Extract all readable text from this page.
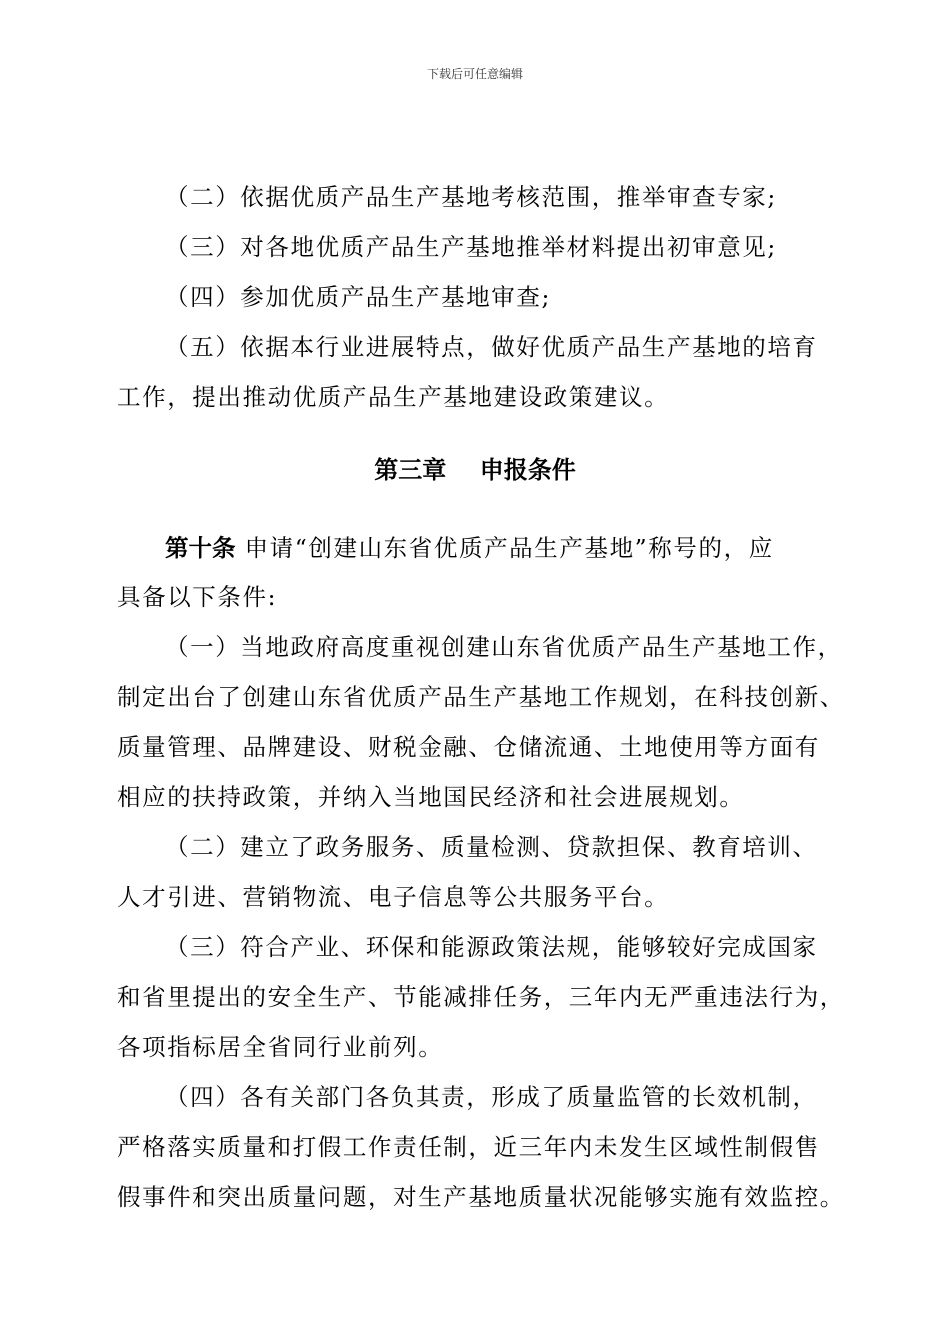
下载后可任意编辑
（二）依据优质产品生产基地考核范围，推举审查专家;
（三）对各地优质产品生产基地推举材料提出初审意见;
（四）参加优质产品生产基地审查;
（五）依据本行业进展特点，做好优质产品生产基地的培育
工作，提出推动优质产品生产基地建设政策建议。
第三章    申报条件
第十条 申请“创建山东省优质产品生产基地”称号的，应
具备以下条件:
（一）当地政府高度重视创建山东省优质产品生产基地工作，
制定出台了创建山东省优质产品生产基地工作规划，在科技创新、
质量管理、品牌建设、财税金融、仓储流通、土地使用等方面有
相应的扶持政策，并纳入当地国民经济和社会进展规划。
（二）建立了政务服务、质量检测、贷款担保、教育培训、
人才引进、营销物流、电子信息等公共服务平台。
（三）符合产业、环保和能源政策法规，能够较好完成国家
和省里提出的安全生产、节能减排任务，三年内无严重违法行为，
各项指标居全省同行业前列。
（四）各有关部门各负其责，形成了质量监管的长效机制，
严格落实质量和打假工作责任制，近三年内未发生区域性制假售
假事件和突出质量问题，对生产基地质量状况能够实施有效监控。
